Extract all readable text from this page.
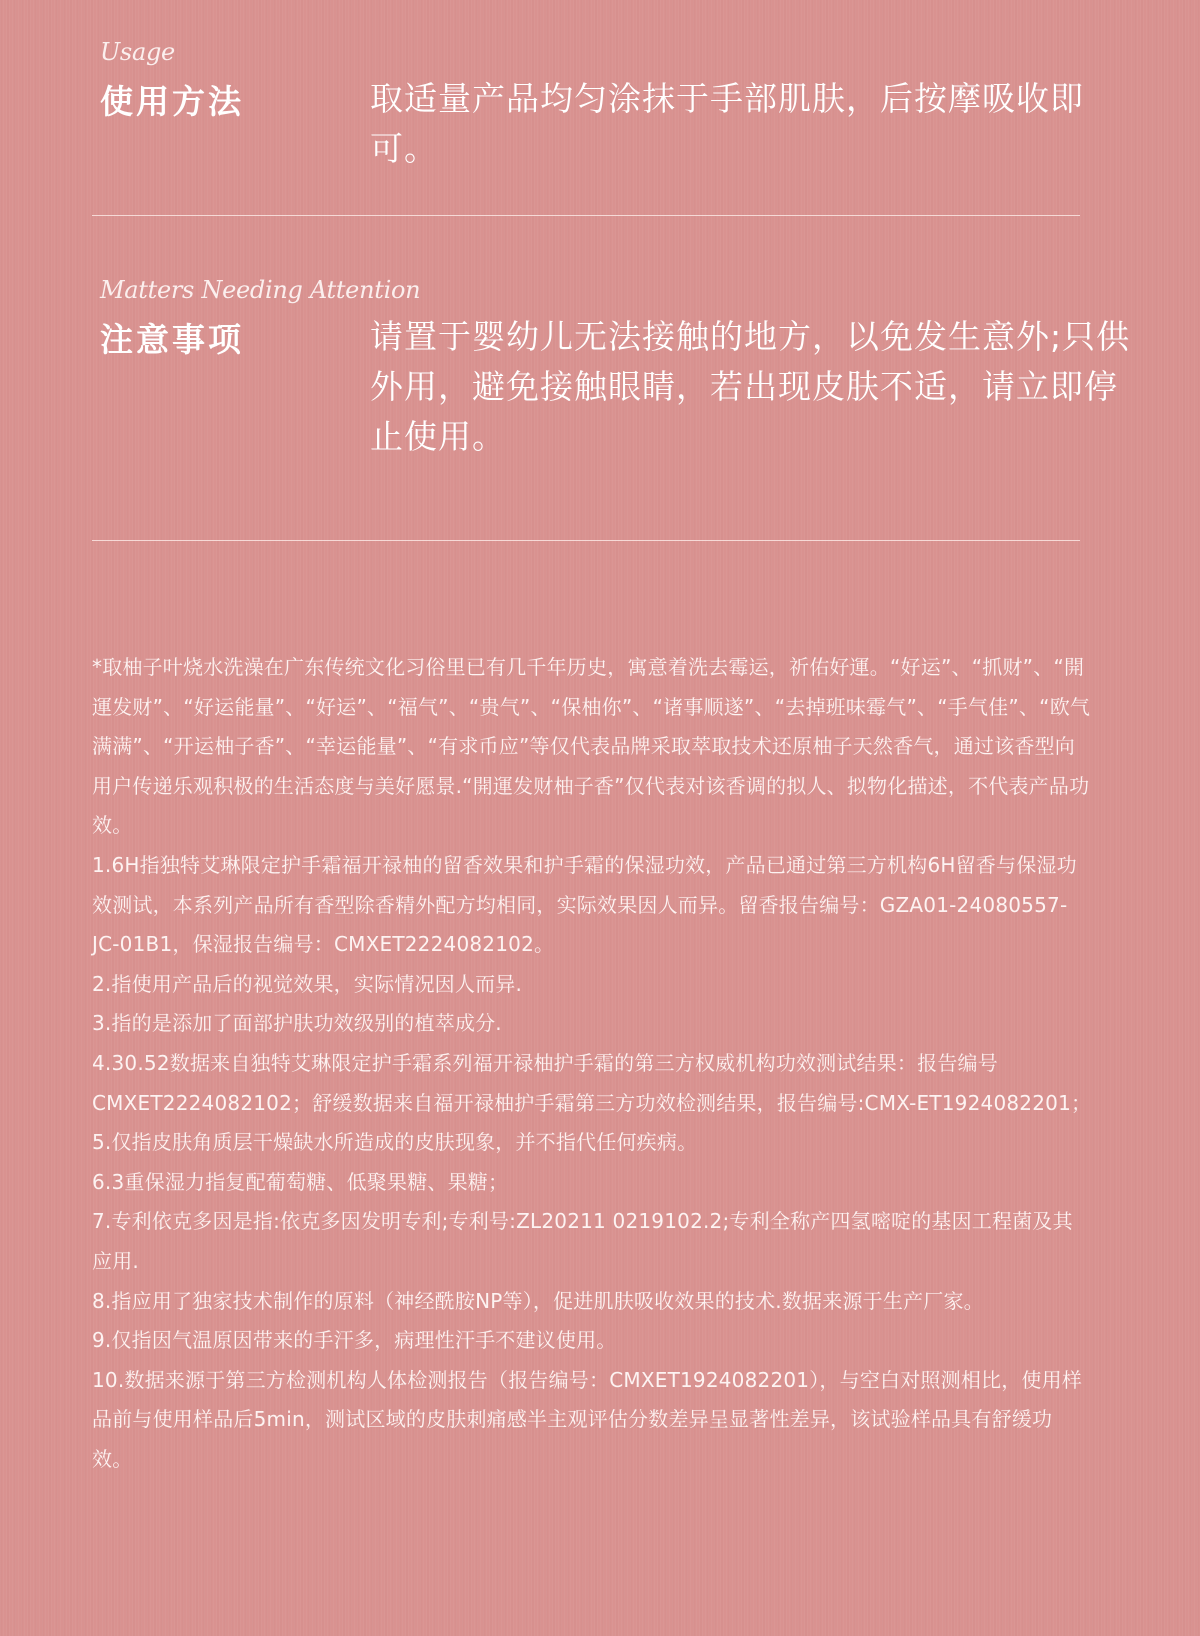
Usage
使用方法	取适量产品均匀涂抹于手部肌肤，后按摩吸收即可。
Matters Needing Attention
注意事项	请置于婴幼儿无法接触的地方，以免发生意外;只供外用，避免接触眼睛，若出现皮肤不适，请立即停止使用。

*取柚子叶烧水洗澡在广东传统文化习俗里已有几千年历史，寓意着洗去霉运，祈佑好運。“好运”、“抓财”、“開運发财”、“好运能量”、“好运”、“福气”、“贵气”、“保柚你”、“诸事顺遂”、“去掉班味霉气”、“手气佳”、“欧气满满”、“开运柚子香”、“幸运能量”、“有求币应”等仅代表品牌采取萃取技术还原柚子天然香气，通过该香型向用户传递乐观积极的生活态度与美好愿景.“開運发财柚子香”仅代表对该香调的拟人、拟物化描述，不代表产品功效。

1.6H指独特艾琳限定护手霜福开禄柚的留香效果和护手霜的保湿功效，产品已通过第三方机构6H留香与保湿功效测试，本系列产品所有香型除香精外配方均相同，实际效果因人而异。留香报告编号：GZA01-24080557-JC-01B1，保湿报告编号：CMXET2224082102。

2.指使用产品后的视觉效果，实际情况因人而异.

3.指的是添加了面部护肤功效级别的植萃成分.

4.30.52数据来自独特艾琳限定护手霜系列福开禄柚护手霜的第三方权威机构功效测试结果：报告编号CMXET2224082102；舒缓数据来自福开禄柚护手霜第三方功效检测结果，报告编号:CMX-ET1924082201；

5.仅指皮肤角质层干燥缺水所造成的皮肤现象，并不指代任何疾病。

6.3重保湿力指复配葡萄糖、低聚果糖、果糖；

7.专利依克多因是指:依克多因发明专利;专利号:ZL20211 0219102.2;专利全称产四氢嘧啶的基因工程菌及其应用.

8.指应用了独家技术制作的原料（神经酰胺NP等），促进肌肤吸收效果的技术.数据来源于生产厂家。

9.仅指因气温原因带来的手汗多，病理性汗手不建议使用。

10.数据来源于第三方检测机构人体检测报告（报告编号：CMXET1924082201），与空白对照测相比，使用样品前与使用样品后5min，测试区域的皮肤刺痛感半主观评估分数差异呈显著性差异，该试验样品具有舒缓功效。
